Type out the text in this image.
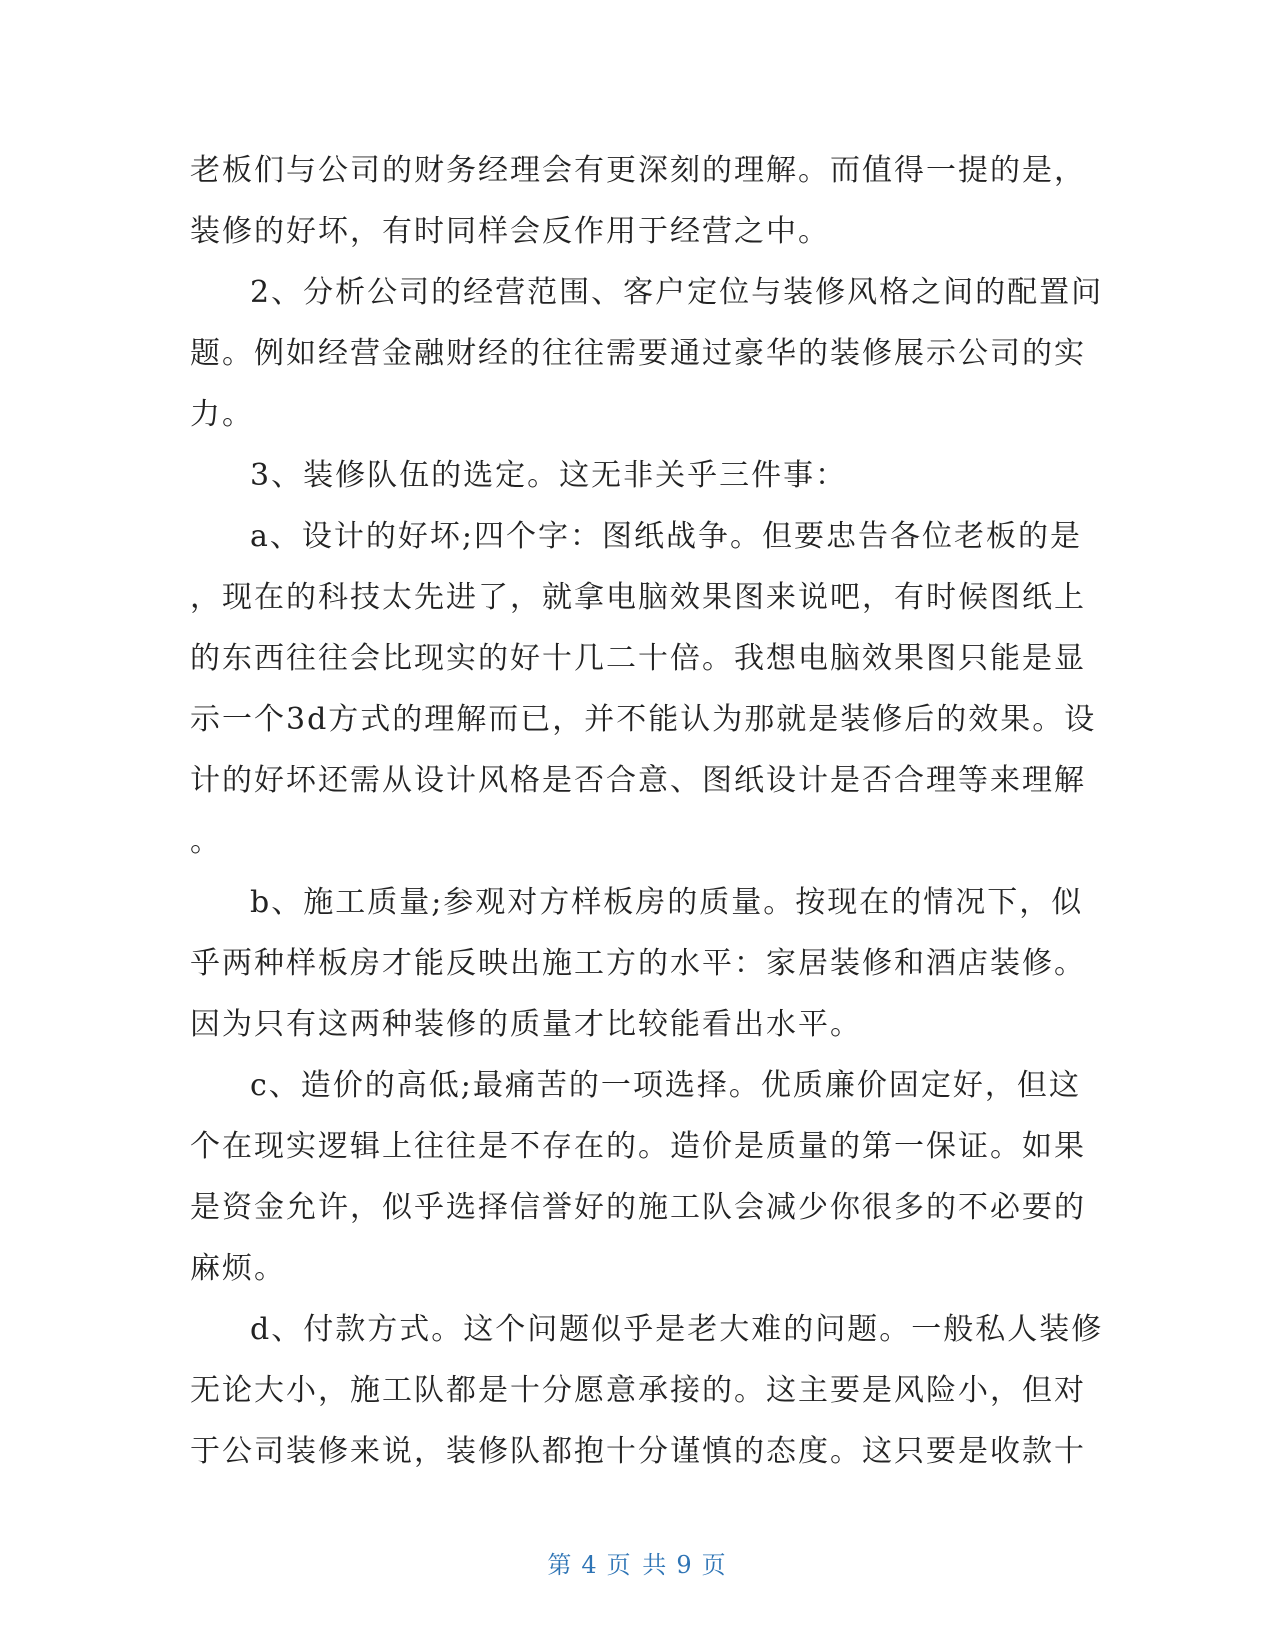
老板们与公司的财务经理会有更深刻的理解。而值得一提的是，
装修的好坏，有时同样会反作用于经营之中。
2、分析公司的经营范围、客户定位与装修风格之间的配置问
题。例如经营金融财经的往往需要通过豪华的装修展示公司的实
力。
3、装修队伍的选定。这无非关乎三件事：
a、设计的好坏;四个字：图纸战争。但要忠告各位老板的是
，现在的科技太先进了，就拿电脑效果图来说吧，有时候图纸上
的东西往往会比现实的好十几二十倍。我想电脑效果图只能是显
示一个3d方式的理解而已，并不能认为那就是装修后的效果。设
计的好坏还需从设计风格是否合意、图纸设计是否合理等来理解
。
b、施工质量;参观对方样板房的质量。按现在的情况下，似
乎两种样板房才能反映出施工方的水平：家居装修和酒店装修。
因为只有这两种装修的质量才比较能看出水平。
c、造价的高低;最痛苦的一项选择。优质廉价固定好，但这
个在现实逻辑上往往是不存在的。造价是质量的第一保证。如果
是资金允许，似乎选择信誉好的施工队会减少你很多的不必要的
麻烦。
d、付款方式。这个问题似乎是老大难的问题。一般私人装修
无论大小，施工队都是十分愿意承接的。这主要是风险小，但对
于公司装修来说，装修队都抱十分谨慎的态度。这只要是收款十
第 4 页 共 9 页
